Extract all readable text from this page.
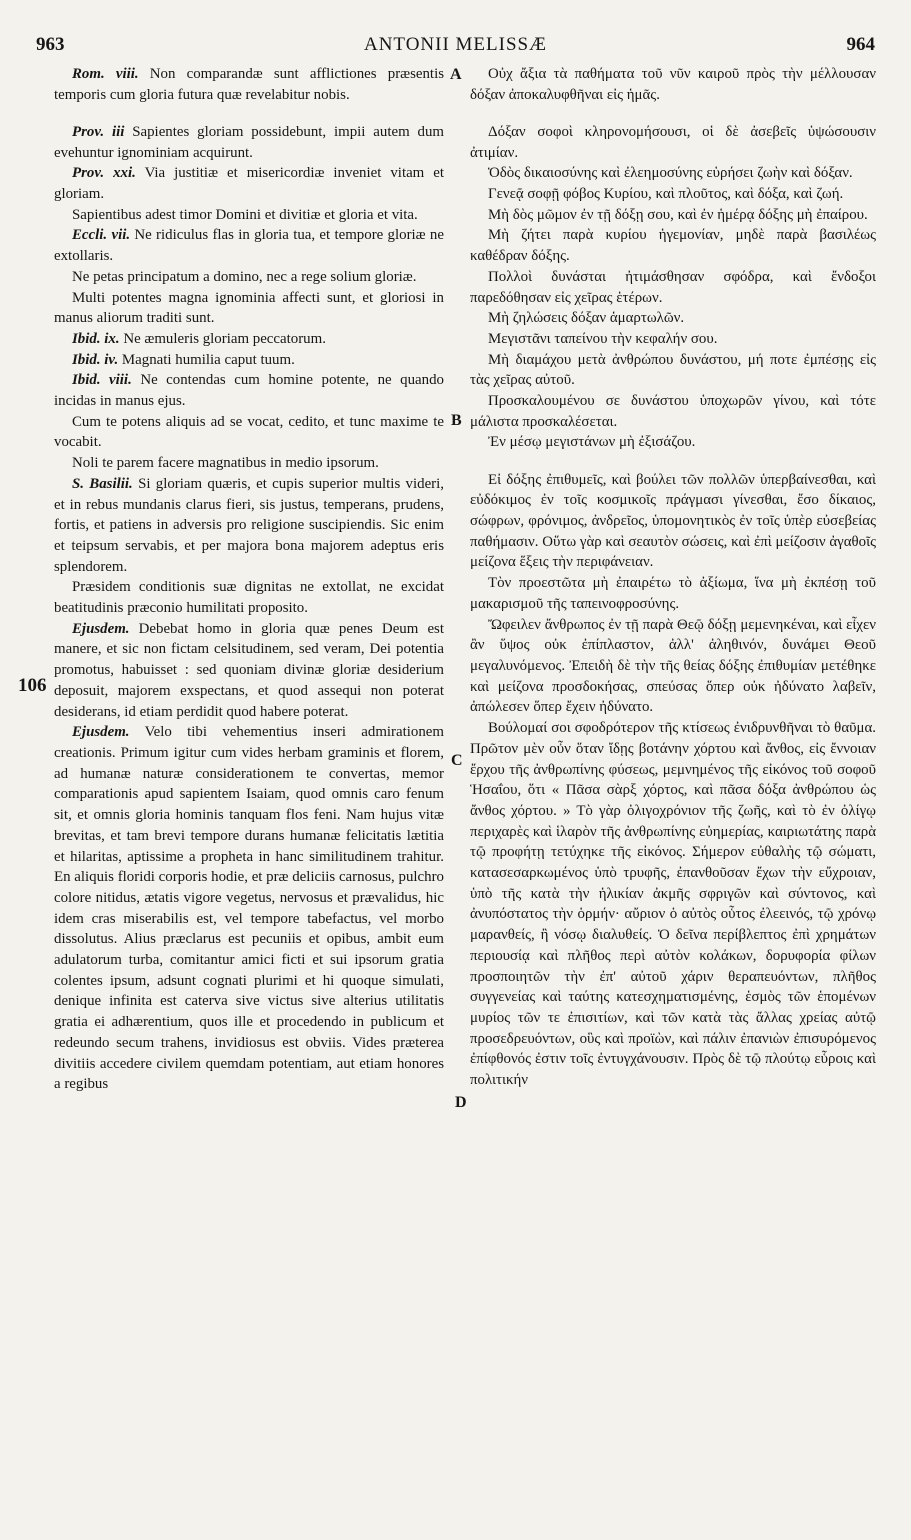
963	ANTONII MELISSÆ	964

Rom. viii. Non comparandæ sunt afflictiones præsentis temporis cum gloria futura quæ revelabitur nobis.

Prov. iii Sapientes gloriam possidebunt, impii autem dum evehuntur ignominiam acquirunt.

Prov. xxi. Via justitiæ et misericordiæ inveniet vitam et gloriam.

Sapientibus adest timor Domini et divitiæ et gloria et vita.

Eccli. vii. Ne ridiculus flas in gloria tua, et tempore gloriæ ne extollaris.

Ne petas principatum a domino, nec a rege solium gloriæ.

Multi potentes magna ignominia affecti sunt, et gloriosi in manus aliorum traditi sunt.

Ibid. ix. Ne æmuleris gloriam peccatorum.

Ibid. iv. Magnati humilia caput tuum.

Ibid. viii. Ne contendas cum homine potente, ne quando incidas in manus ejus.

Cum te potens aliquis ad se vocat, cedito, et tunc maxime te vocabit.

Noli te parem facere magnatibus in medio ipsorum.

S. Basilii. Si gloriam quæris, et cupis superior multis videri, et in rebus mundanis clarus fieri, sis justus, temperans, prudens, fortis, et patiens in adversis pro religione suscipiendis. Sic enim et teipsum servabis, et per majora bona majorem adeptus eris splendorem.

Præsidem conditionis suæ dignitas ne extollat, ne excidat beatitudinis præconio humilitati proposito.

Ejusdem. Debebat homo in gloria quæ penes Deum est manere, et sic non fictam celsitudinem, sed veram, Dei potentia promotus, habuisset : sed quoniam divinæ gloriæ desiderium deposuit, majorem exspectans, et quod assequi non poterat desiderans, id etiam perdidit quod habere poterat.

Ejusdem. Velo tibi vehementius inseri admirationem creationis. Primum igitur cum vides herbam graminis et florem, ad humanæ naturæ considerationem te convertas, memor comparationis apud sapientem Isaiam, quod omnis caro fenum sit, et omnis gloria hominis tanquam flos feni. Nam hujus vitæ brevitas, et tam brevi tempore durans humanæ felicitatis lætitia et hilaritas, aptissime a propheta in hanc similitudinem trahitur. En aliquis floridi corporis hodie, et præ deliciis carnosus, pulchro colore nitidus, ætatis vigore vegetus, nervosus et prævalidus, hic idem cras miserabilis est, vel tempore tabefactus, vel morbo dissolutus. Alius præclarus est pecuniis et opibus, ambit eum adulatorum turba, comitantur amici ficti et sui ipsorum gratia colentes ipsum, adsunt cognati plurimi et hi quoque simulati, denique infinita est caterva sive victus sive alterius utilitatis gratia ei adhærentium, quos ille et procedendo in publicum et redeundo secum trahens, invidiosus est obviis. Vides præterea divitiis accedere civilem quemdam potentiam, aut etiam honores a regibus

Οὐχ ἄξια τὰ παθήματα τοῦ νῦν καιροῦ πρὸς τὴν μέλλουσαν δόξαν ἀποκαλυφθῆναι εἰς ἡμᾶς.

Δόξαν σοφοὶ κληρονομήσουσι, οἱ δὲ ἀσεβεῖς ὑψώσουσιν ἀτιμίαν.

Ὁδὸς δικαιοσύνης καὶ ἐλεημοσύνης εὑρήσει ζωὴν καὶ δόξαν.

Γενεᾷ σοφῇ φόβος Κυρίου, καὶ πλοῦτος, καὶ δόξα, καὶ ζωή.

Μὴ δὸς μῶμον ἐν τῇ δόξῃ σου, καὶ ἐν ἡμέρᾳ δόξης μὴ ἐπαίρου.

Μὴ ζήτει παρὰ κυρίου ἡγεμονίαν, μηδὲ παρὰ βασιλέως καθέδραν δόξης.

Πολλοὶ δυνάσται ἠτιμάσθησαν σφόδρα, καὶ ἔνδοξοι παρεδόθησαν εἰς χεῖρας ἑτέρων.

Μὴ ζηλώσεις δόξαν ἁμαρτωλῶν.

Μεγιστᾶνι ταπείνου τὴν κεφαλήν σου.

Μὴ διαμάχου μετὰ ἀνθρώπου δυνάστου, μή ποτε ἐμπέσῃς εἰς τὰς χεῖρας αὐτοῦ.

Προσκαλουμένου σε δυνάστου ὑποχωρῶν γίνου, καὶ τότε μάλιστα προσκαλέσεται.

Ἐν μέσῳ μεγιστάνων μὴ ἐξισάζου.

Εἰ δόξης ἐπιθυμεῖς, καὶ βούλει τῶν πολλῶν ὑπερβαίνεσθαι, καὶ εὐδόκιμος ἐν τοῖς κοσμικοῖς πράγμασι γίνεσθαι, ἔσο δίκαιος, σώφρων, φρόνιμος, ἀνδρεῖος, ὑπομονητικὸς ἐν τοῖς ὑπὲρ εὐσεβείας παθήμασιν. Οὕτω γὰρ καὶ σεαυτὸν σώσεις, καὶ ἐπὶ μείζοσιν ἀγαθοῖς μείζονα ἕξεις τὴν περιφάνειαν.

Τὸν προεστῶτα μὴ ἐπαιρέτω τὸ ἀξίωμα, ἵνα μὴ ἐκπέσῃ τοῦ μακαρισμοῦ τῆς ταπεινοφροσύνης.

Ὤφειλεν ἄνθρωπος ἐν τῇ παρὰ Θεῷ δόξῃ μεμενηκέναι, καὶ εἶχεν ἂν ὕψος οὐκ ἐπίπλαστον, ἀλλ' ἀληθινόν, δυνάμει Θεοῦ μεγαλυνόμενος. Ἐπειδὴ δὲ τὴν τῆς θείας δόξης ἐπιθυμίαν μετέθηκε καὶ μείζονα προσδοκήσας, σπεύσας ὅπερ οὐκ ἠδύνατο λαβεῖν, ἀπώλεσεν ὅπερ ἔχειν ἠδύνατο.

Βούλομαί σοι σφοδρότερον τῆς κτίσεως ἐνιδρυνθῆναι τὸ θαῦμα. Πρῶτον μὲν οὖν ὅταν ἴδῃς βοτάνην χόρτου καὶ ἄνθος, εἰς ἔννοιαν ἔρχου τῆς ἀνθρωπίνης φύσεως, μεμνημένος τῆς εἰκόνος τοῦ σοφοῦ Ἡσαΐου, ὅτι « Πᾶσα σὰρξ χόρτος, καὶ πᾶσα δόξα ἀνθρώπου ὡς ἄνθος χόρτου. » Τὸ γὰρ ὀλιγοχρόνιον τῆς ζωῆς, καὶ τὸ ἐν ὀλίγῳ περιχαρὲς καὶ ἱλαρὸν τῆς ἀνθρωπίνης εὐημερίας, καιριωτάτης παρὰ τῷ προφήτῃ τετύχηκε τῆς εἰκόνος. Σήμερον εὐθαλὴς τῷ σώματι, κατασεσαρκωμένος ὑπὸ τρυφῆς, ἐπανθοῦσαν ἔχων τὴν εὔχροιαν, ὑπὸ τῆς κατὰ τὴν ἡλικίαν ἀκμῆς σφριγῶν καὶ σύντονος, καὶ ἀνυπόστατος τὴν ὁρμήν· αὔριον ὁ αὐτὸς οὗτος ἐλεεινός, τῷ χρόνῳ μαρανθείς, ἢ νόσῳ διαλυθείς. Ὁ δεῖνα περίβλεπτος ἐπὶ χρημάτων περιουσίᾳ καὶ πλῆθος περὶ αὐτὸν κολάκων, δορυφορία φίλων προσποιητῶν τὴν ἐπ' αὐτοῦ χάριν θεραπευόντων, πλῆθος συγγενείας καὶ ταύτης κατεσχηματισμένης, ἑσμὸς τῶν ἑπομένων μυρίος τῶν τε ἐπισιτίων, καὶ τῶν κατὰ τὰς ἄλλας χρείας αὐτῷ προσεδρευόντων, οὓς καὶ προϊὼν, καὶ πάλιν ἐπανιὼν ἐπισυρόμενος ἐπίφθονός ἐστιν τοῖς ἐντυγχάνουσιν. Πρὸς δὲ τῷ πλούτῳ εὗροις καὶ πολιτικήν

A
B
C
D
106
